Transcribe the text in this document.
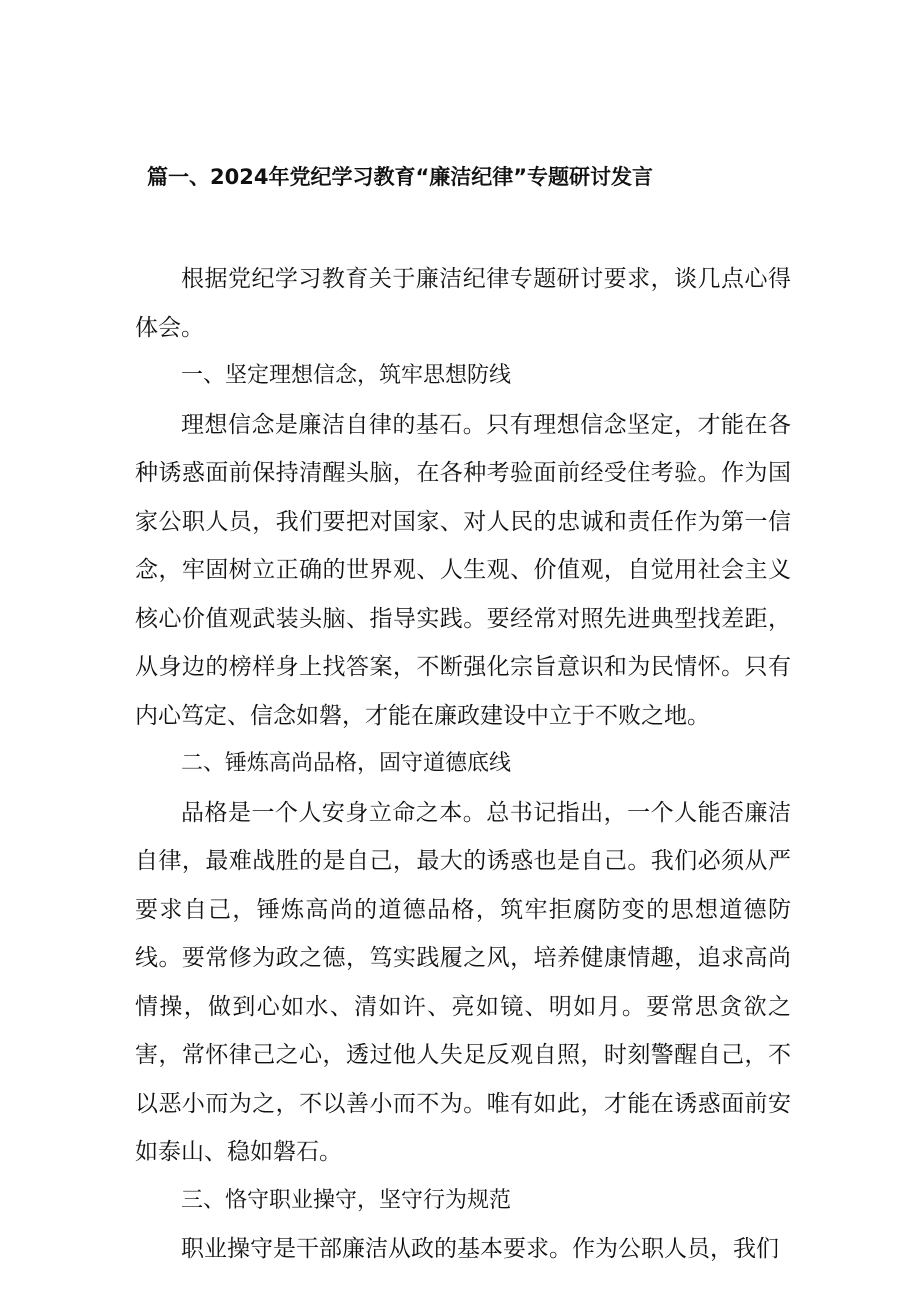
篇一、2024年党纪学习教育“廉洁纪律”专题研讨发言

根据党纪学习教育关于廉洁纪律专题研讨要求，谈几点心得体会。

一、坚定理想信念，筑牢思想防线

理想信念是廉洁自律的基石。只有理想信念坚定，才能在各种诱惑面前保持清醒头脑，在各种考验面前经受住考验。作为国家公职人员，我们要把对国家、对人民的忠诚和责任作为第一信念，牢固树立正确的世界观、人生观、价值观，自觉用社会主义核心价值观武装头脑、指导实践。要经常对照先进典型找差距，从身边的榜样身上找答案，不断强化宗旨意识和为民情怀。只有内心笃定、信念如磐，才能在廉政建设中立于不败之地。

二、锤炼高尚品格，固守道德底线

品格是一个人安身立命之本。总书记指出，一个人能否廉洁自律，最难战胜的是自己，最大的诱惑也是自己。我们必须从严要求自己，锤炼高尚的道德品格，筑牢拒腐防变的思想道德防线。要常修为政之德，笃实践履之风，培养健康情趣，追求高尚情操，做到心如水、清如许、亮如镜、明如月。要常思贪欲之害，常怀律己之心，透过他人失足反观自照，时刻警醒自己，不以恶小而为之，不以善小而不为。唯有如此，才能在诱惑面前安如泰山、稳如磐石。

三、恪守职业操守，坚守行为规范

职业操守是干部廉洁从政的基本要求。作为公职人员，我们
